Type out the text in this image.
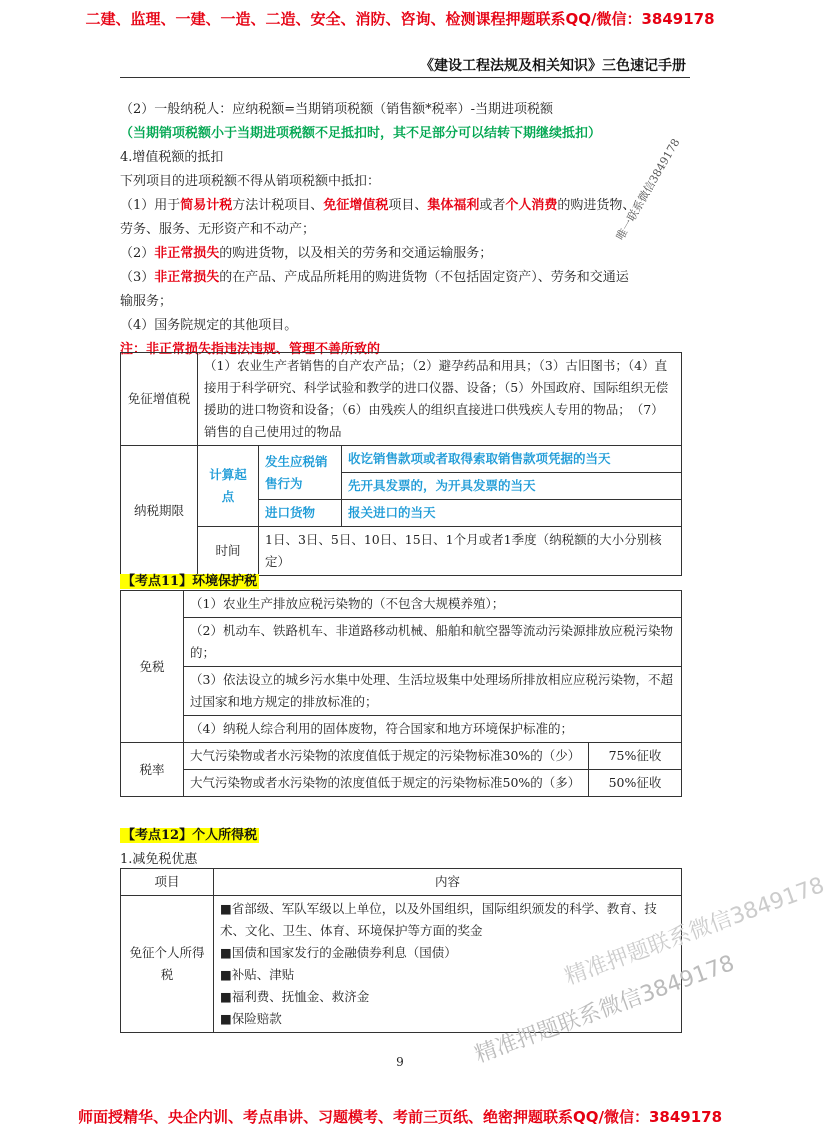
二建、监理、一建、一造、二造、安全、消防、咨询、检测课程押题联系QQ/微信：3849178
《建设工程法规及相关知识》三色速记手册
（2）一般纳税人：应纳税额=当期销项税额（销售额*税率）-当期进项税额
（当期销项税额小于当期进项税额不足抵扣时，其不足部分可以结转下期继续抵扣）
4.增值税额的抵扣
下列项目的进项税额不得从销项税额中抵扣：
（1）用于简易计税方法计税项目、免征增值税项目、集体福利或者个人消费的购进货物、
劳务、服务、无形资产和不动产；
（2）非正常损失的购进货物，以及相关的劳务和交通运输服务；
（3）非正常损失的在产品、产成品所耗用的购进货物（不包括固定资产）、劳务和交通运
输服务；
（4）国务院规定的其他项目。
注：非正常损失指违法违规、管理不善所致的
唯一联系微信3849178
免征增值税	（1）农业生产者销售的自产农产品；（2）避孕药品和用具；（3）古旧图书；（4）直接用于科学研究、科学试验和教学的进口仪器、设备；（5）外国政府、国际组织无偿援助的进口物资和设备；（6）由残疾人的组织直接进口供残疾人专用的物品；　（7）销售的自己使用过的物品		
纳税期限	计算起点	发生应税销售行为	收讫销售款项或者取得索取销售款项凭据的当天
			先开具发票的，为开具发票的当天
		进口货物	报关进口的当天
	时间	1日、3日、5日、10日、15日、1个月或者1季度（纳税额的大小分别核定）	
【考点11】环境保护税
免税	（1）农业生产排放应税污染物的（不包含大规模养殖）；	
	（2）机动车、铁路机车、非道路移动机械、船舶和航空器等流动污染源排放应税污染物的；	
	（3）依法设立的城乡污水集中处理、生活垃圾集中处理场所排放相应应税污染物，不超过国家和地方规定的排放标准的；	
	（4）纳税人综合利用的固体废物，符合国家和地方环境保护标准的；	
税率	大气污染物或者水污染物的浓度值低于规定的污染物标准30%的（少）	75%征收
	大气污染物或者水污染物的浓度值低于规定的污染物标准50%的（多）	50%征收
【考点12】个人所得税
1.减免税优惠
项目	内容
免征个人所得税	■省部级、军队军级以上单位，以及外国组织，国际组织颁发的科学、教育、技术、文化、卫生、体育、环境保护等方面的奖金
■国债和国家发行的金融债券利息（国债）
■补贴、津贴
■福利费、抚恤金、救济金
■保险赔款
精准押题联系微信3849178
9	精准押题联系微信3849178
师面授精华、央企内训、考点串讲、习题模考、考前三页纸、绝密押题联系QQ/微信：3849178
